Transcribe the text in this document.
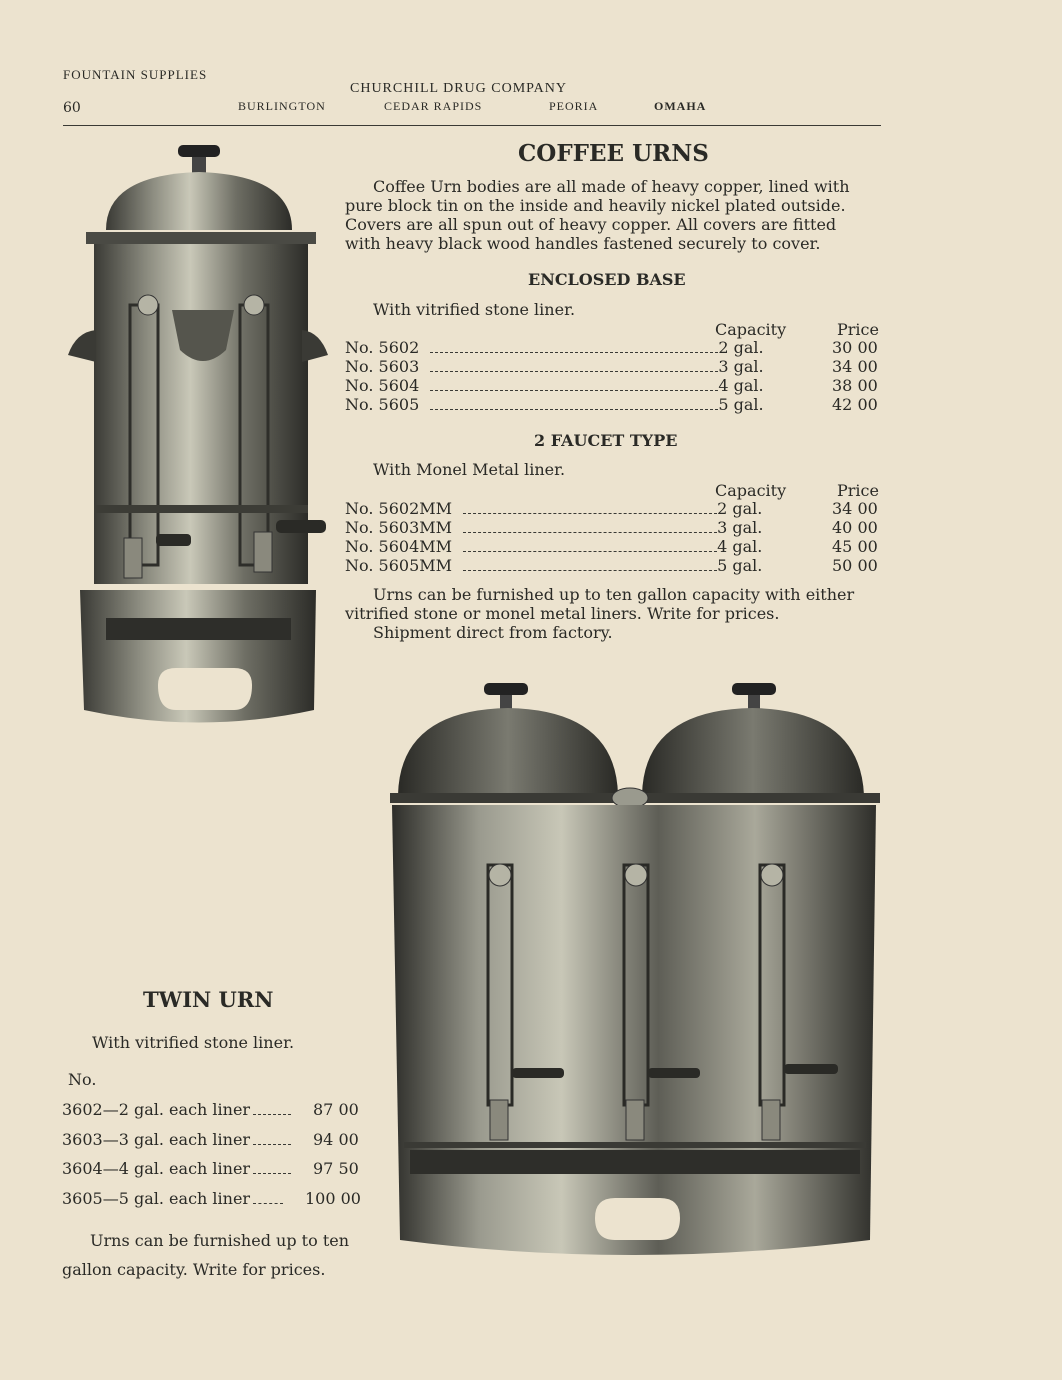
FOUNTAIN SUPPLIES
60
CHURCHILL DRUG COMPANY
BURLINGTON	CEDAR RAPIDS	PEORIA	OMAHA
COFFEE URNS
Coffee Urn bodies are all made of heavy copper, lined with
pure block tin on the inside and heavily nickel plated outside.
Covers are all spun out of heavy copper. All covers are fitted
with heavy black wood handles fastened securely to cover.
ENCLOSED BASE
With vitrified stone liner.
Capacity	Price
No. 5602	2 gal.	30 00
No. 5603	3 gal.	34 00
No. 5604	4 gal.	38 00
No. 5605	5 gal.	42 00
2 FAUCET TYPE
With Monel Metal liner.
Capacity	Price
No. 5602MM	2 gal.	34 00
No. 5603MM	3 gal.	40 00
No. 5604MM	4 gal.	45 00
No. 5605MM	5 gal.	50 00
Urns can be furnished up to ten gallon capacity with either
vitrified stone or monel metal liners. Write for prices.
Shipment direct from factory.
TWIN URN
With vitrified stone liner.
No.
3602—2 gal. each liner	87 00
3603—3 gal. each liner	94 00
3604—4 gal. each liner	97 50
3605—5 gal. each liner	100 00
Urns can be furnished up to ten
gallon capacity. Write for prices.
